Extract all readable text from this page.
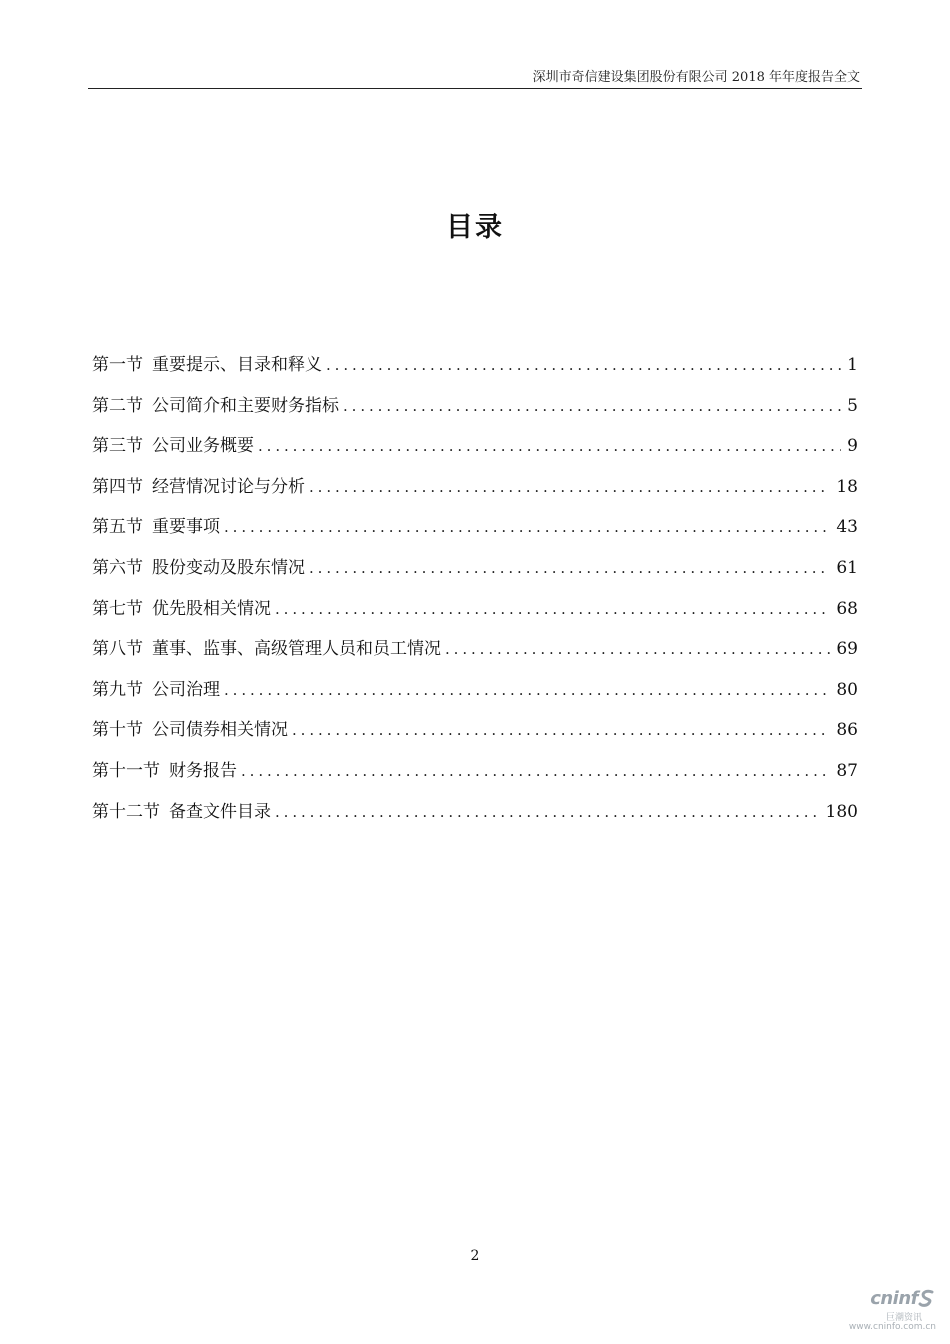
深圳市奇信建设集团股份有限公司 2018 年年度报告全文
目录
第一节 重要提示、目录和释义 .....	1
第二节 公司简介和主要财务指标 .....	5
第三节 公司业务概要 .....	9
第四节 经营情况讨论与分析 .....	18
第五节 重要事项 .....	43
第六节 股份变动及股东情况 .....	61
第七节 优先股相关情况 .....	68
第八节 董事、监事、高级管理人员和员工情况 .....	69
第九节 公司治理 .....	80
第十节 公司债券相关情况 .....	86
第十一节 财务报告 .....	87
第十二节 备查文件目录 .....	180
2
cninf
巨潮资讯
www.cninfo.com.cn
